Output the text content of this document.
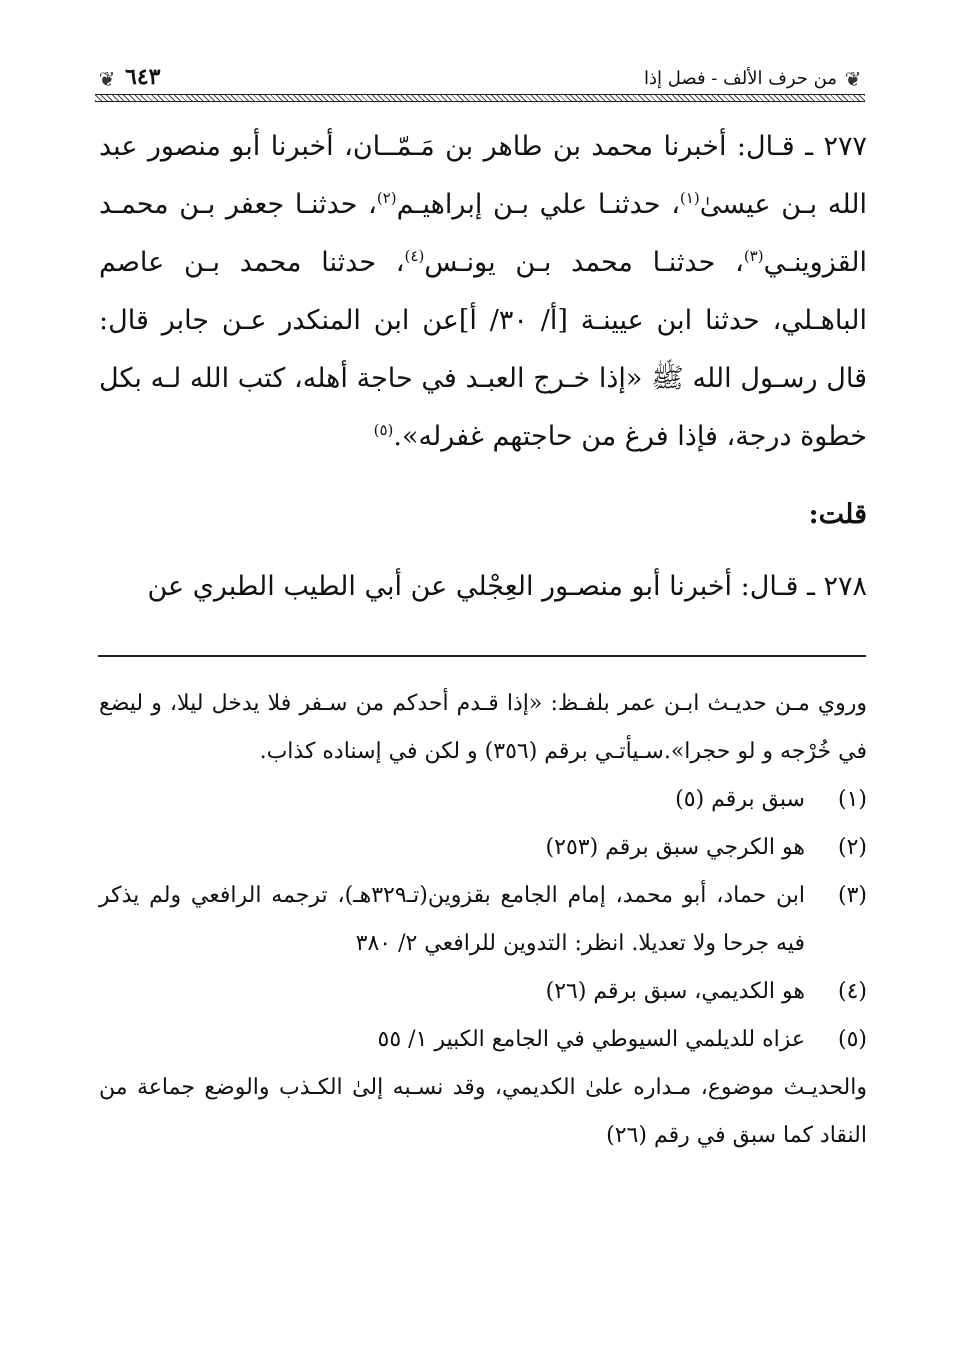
❦
من حرف الألف - فصل إذا
٦٤٣
❦

٢٧٧ ـ قـال: أخبرنا محمد بن طاهر بن مَـمّــان، أخبرنا أبو منصور عبد الله بـن عيسىٰ$^{(١)}$، حدثنـا علي بـن إبراهيـم$^{(٢)}$، حدثنـا جعفر بـن محمـد القزوينـي$^{(٣)}$، حدثنـا محمد بـن يونـس$^{(٤)}$، حدثنا محمد بـن عاصم الباهـلي، حدثنا ابن عيينـة [أ/ ٣٠/ أ]عن ابن المنكدر عـن جابر قال: قال رسـول الله ﷺ «إذا خـرج العبـد في حاجة أهله، كتب الله لـه بكل خطوة درجة، فإذا فرغ من حاجتهم غفرله».$^{(٥)}$

قلت:

٢٧٨ ـ قـال: أخبرنا أبو منصـور العِجْلي عن أبي الطيب الطبري عن

وروي مـن حديـث ابـن عمر بلفـظ: «إذا قـدم أحدكم من سـفر فلا يدخل ليلا، و ليضع في خُرْجه و لو حجرا».سـيأتـي برقم (٣٥٦) و لكن في إسناده كذاب.

(١)
سبق برقم (٥)
(٢)
هو الكرجي سبق برقم (٢٥٣)
(٣)
ابن حماد، أبو محمد، إمام الجامع بقزوين(تـ٣٢٩هـ)، ترجمه الرافعي ولم يذكر فيه جرحا ولا تعديلا. انظر: التدوين للرافعي ٢/ ٣٨٠
(٤)
هو الكديمي، سبق برقم (٢٦)
(٥)
عزاه للديلمي السيوطي في الجامع الكبير ١/ ٥٥

والحديـث موضوع، مـداره علىٰ الكديمي، وقد نسـبه إلىٰ الكـذب والوضع جماعة من النقاد كما سبق في رقم (٢٦)
